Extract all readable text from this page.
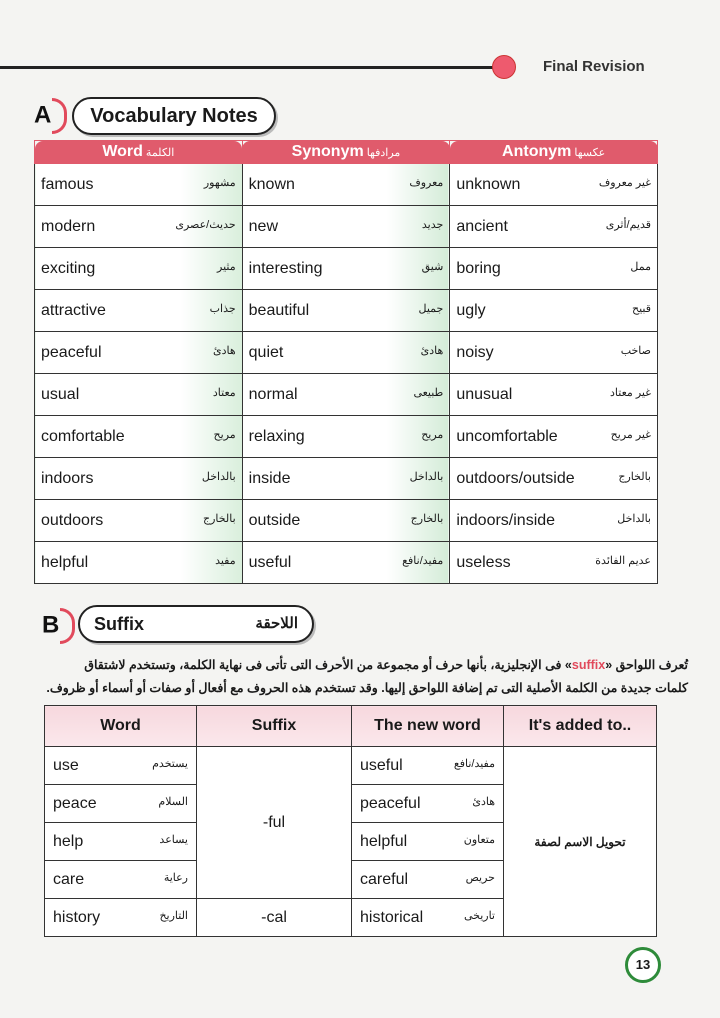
Final Revision
A	Vocabulary Notes
Word الكلمة	Synonym مرادفها	Antonym عكسها

famous مشهور	known معروف	unknown غير معروف

modern حديث/عصرى	new جديد	ancient قديم/أثرى

exciting مثير	interesting شيق	boring ممل

attractive جذاب	beautiful جميل	ugly قبيح

peaceful هادئ	quiet هادئ	noisy صاخب

usual معتاد	normal طبيعى	unusual غير معتاد

comfortable مريح	relaxing مريح	uncomfortable غير مريح

indoors بالداخل	inside بالداخل	outdoors/outside بالخارج

outdoors بالخارج	outside بالخارج	indoors/inside بالداخل

helpful مفيد	useful مفيد/نافع	useless عديم الفائدة
B	Suffix	اللاحقة
تُعرف اللواحق «suffix» فى الإنجليزية، بأنها حرف أو مجموعة من الأحرف التى تأتى فى نهاية الكلمة، وتستخدم لاشتقاق
كلمات جديدة من الكلمة الأصلية التى تم إضافة اللواحق إليها. وقد تستخدم هذه الحروف مع أفعال أو صفات أو أسماء أو ظروف.
Word	Suffix	The new word	It's added to..

use يستخدم	-ful	useful مفيد/نافع	تحويل الاسم لصفة

peace السلام		peaceful هادئ	

help يساعد		helpful متعاون	

care رعاية		careful حريص	

history التاريخ	-cal	historical تاريخى	
13
